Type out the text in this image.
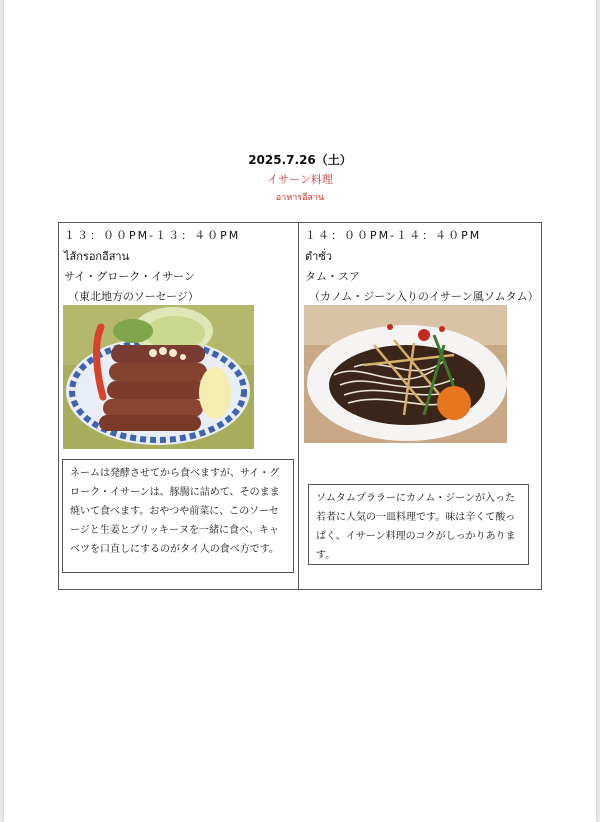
2025.7.26（土）
イサーン料理
อาหารอีสาน
１３：００PM-１３：４０PM
ไส้กรอกอีสาน
サイ・グローク・イサーン
（東北地方のソーセージ）
ネームは発酵させてから食べますが、サイ・グローク・イサーンは、豚腸に詰めて、そのまま焼いて食べます。おやつや前菜に、このソーセージと生姜とプリッキーヌを一緒に食べ、キャベツを口直しにするのがタイ人の食べ方です。
１４：００PM-１４：４０PM
ตำซั่ว
タム・スア
（カノム・ジーン入りのイサーン風ソムタム）
ソムタムプララーにカノム・ジーンが入った若者に人気の一皿料理です。味は辛くて酸っぱく、イサーン料理のコクがしっかりあります。
